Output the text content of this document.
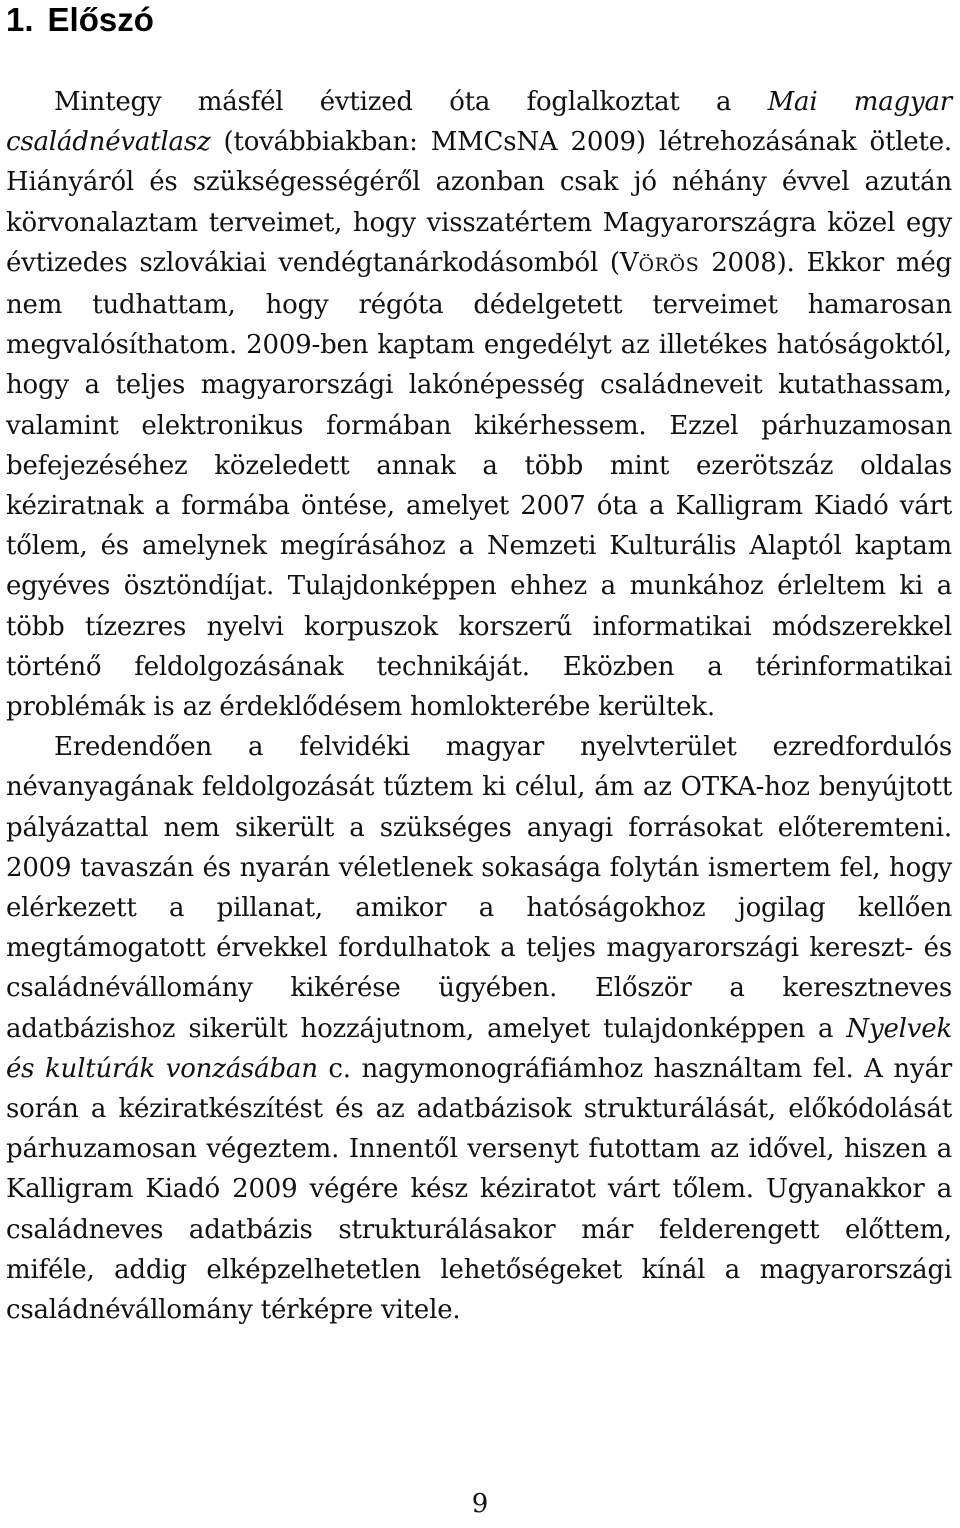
1. Előszó

Mintegy másfél évtized óta foglalkoztat a Mai magyar családnévatlasz (továbbiakban: MMCsNA 2009) létrehozásának ötlete. Hiányáról és szükségességéről azonban csak jó néhány évvel azután körvonalaztam terveimet, hogy visszatértem Magyarországra közel egy évtizedes szlovákiai vendégtanárkodásomból (VÖRÖS 2008). Ekkor még nem tudhattam, hogy régóta dédelgetett terveimet hamarosan megvalósíthatom. 2009-ben kaptam engedélyt az illetékes hatóságoktól, hogy a teljes magyarországi lakónépesség családneveit kutathassam, valamint elektronikus formában kikérhessem. Ezzel párhuzamosan befejezéséhez közeledett annak a több mint ezerötszáz oldalas kéziratnak a formába öntése, amelyet 2007 óta a Kalligram Kiadó várt tőlem, és amelynek megírásához a Nemzeti Kulturális Alaptól kaptam egyéves ösztöndíjat. Tulajdonképpen ehhez a munkához érleltem ki a több tízezres nyelvi korpuszok korszerű informatikai módszerekkel történő feldolgozásának technikáját. Eközben a térinformatikai problémák is az érdeklődésem homlokterébe kerültek.

Eredendően a felvidéki magyar nyelvterület ezredfordulós névanyagának feldolgozását tűztem ki célul, ám az OTKA-hoz benyújtott pályázattal nem sikerült a szükséges anyagi forrásokat előteremteni. 2009 tavaszán és nyarán véletlenek sokasága folytán ismertem fel, hogy elérkezett a pillanat, amikor a hatóságokhoz jogilag kellően megtámogatott érvekkel fordulhatok a teljes magyarországi kereszt- és családnévállomány kikérése ügyében. Először a keresztneves adatbázishoz sikerült hozzájutnom, amelyet tulajdonképpen a Nyelvek és kultúrák vonzásában c. nagymonográfiámhoz használtam fel. A nyár során a kéziratkészítést és az adatbázisok strukturálását, előkódolását párhuzamosan végeztem. Innentől versenyt futottam az idővel, hiszen a Kalligram Kiadó 2009 végére kész kéziratot várt tőlem. Ugyanakkor a családneves adatbázis strukturálásakor már felderengett előttem, miféle, addig elképzelhetetlen lehetőségeket kínál a magyarországi családnévállomány térképre vitele.

9
